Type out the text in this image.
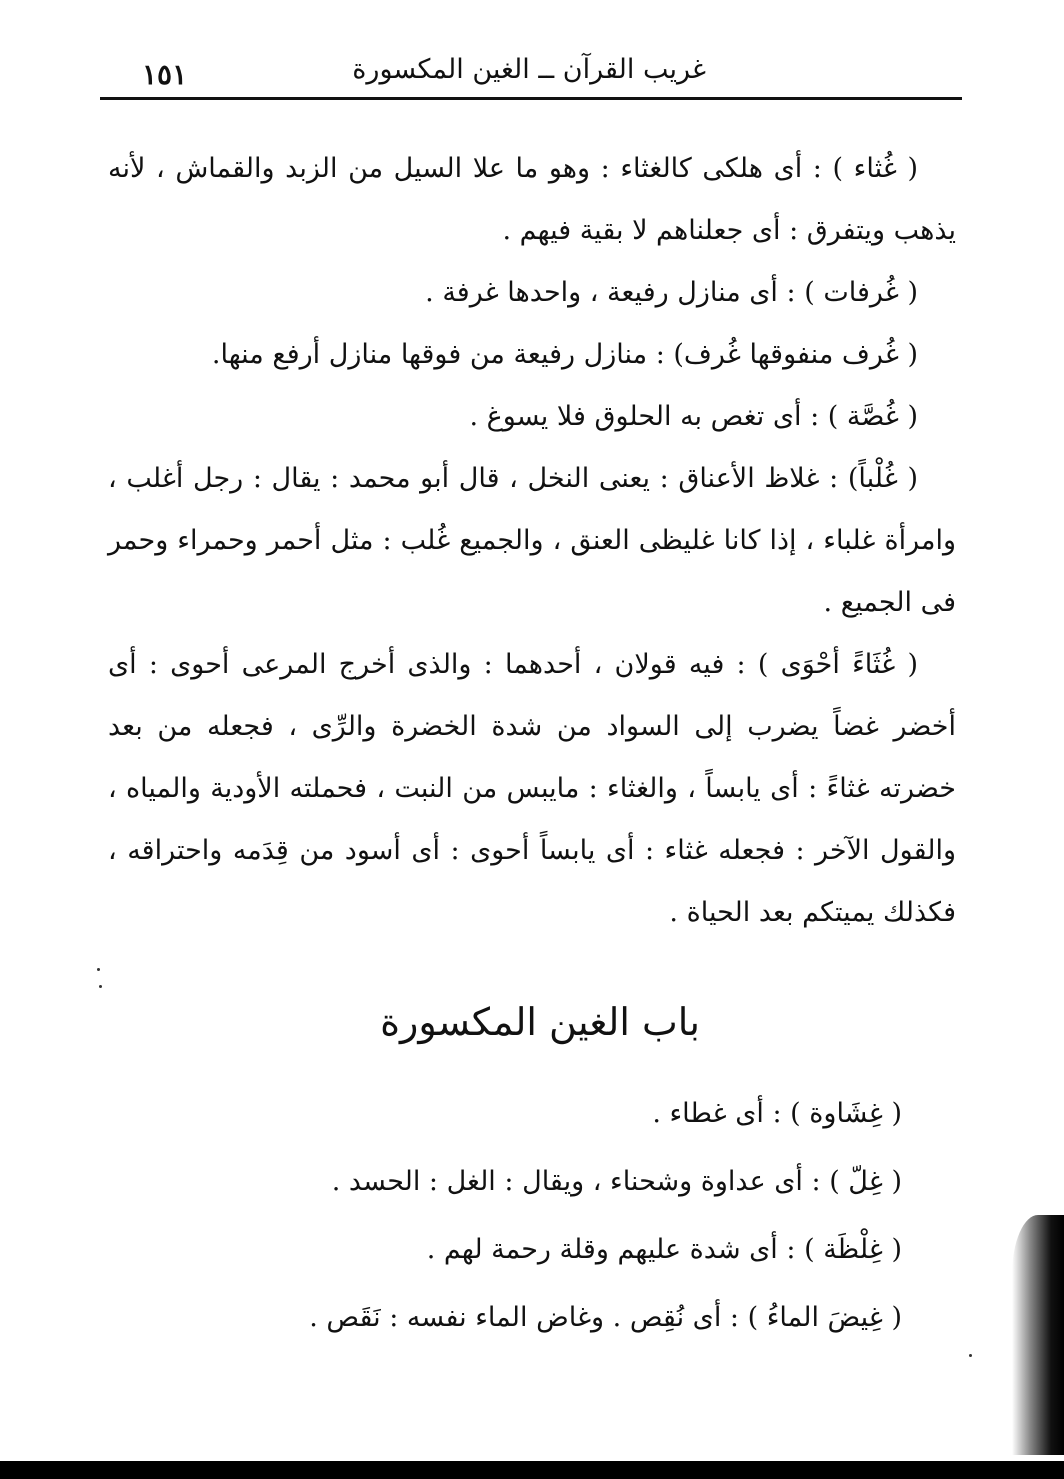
١٥١	غريب القرآن ــ الغين المكسورة

( غُثاء ) : أى هلكى كالغثاء : وهو ما علا السيل من الزبد والقماش ، لأنه يذهب ويتفرق : أى جعلناهم لا بقية فيهم .

( غُرفات ) : أى منازل رفيعة ، واحدها غرفة .

( غُرف منفوقها غُرف) : منازل رفيعة من فوقها منازل أرفع منها.

( غُصَّة ) : أى تغص به الحلوق فلا يسوغ .

( غُلْباً) : غلاظ الأعناق : يعنى النخل ، قال أبو محمد : يقال : رجل أغلب ، وامرأة غلباء ، إذا كانا غليظى العنق ، والجميع غُلب : مثل أحمر وحمراء وحمر فى الجميع .

( غُثَاءً أحْوَى ) : فيه قولان ، أحدهما : والذى أخرج المرعى أحوى : أى أخضر غضاً يضرب إلى السواد من شدة الخضرة والرِّى ، فجعله من بعد خضرته غثاءً : أى يابساً ، والغثاء : مايبس من النبت ، فحملته الأودية والمياه ، والقول الآخر : فجعله غثاء : أى يابساً أحوى : أى أسود من قِدَمه واحتراقه ، فكذلك يميتكم بعد الحياة .

باب الغين المكسورة

( غِشَاوة ) : أى غطاء .

( غِلّ ) : أى عداوة وشحناء ، ويقال : الغل : الحسد .

( غِلْظَة ) : أى شدة عليهم وقلة رحمة لهم .

( غِيضَ الماءُ ) : أى نُقِص . وغاض الماء نفسه : نَقَص .
